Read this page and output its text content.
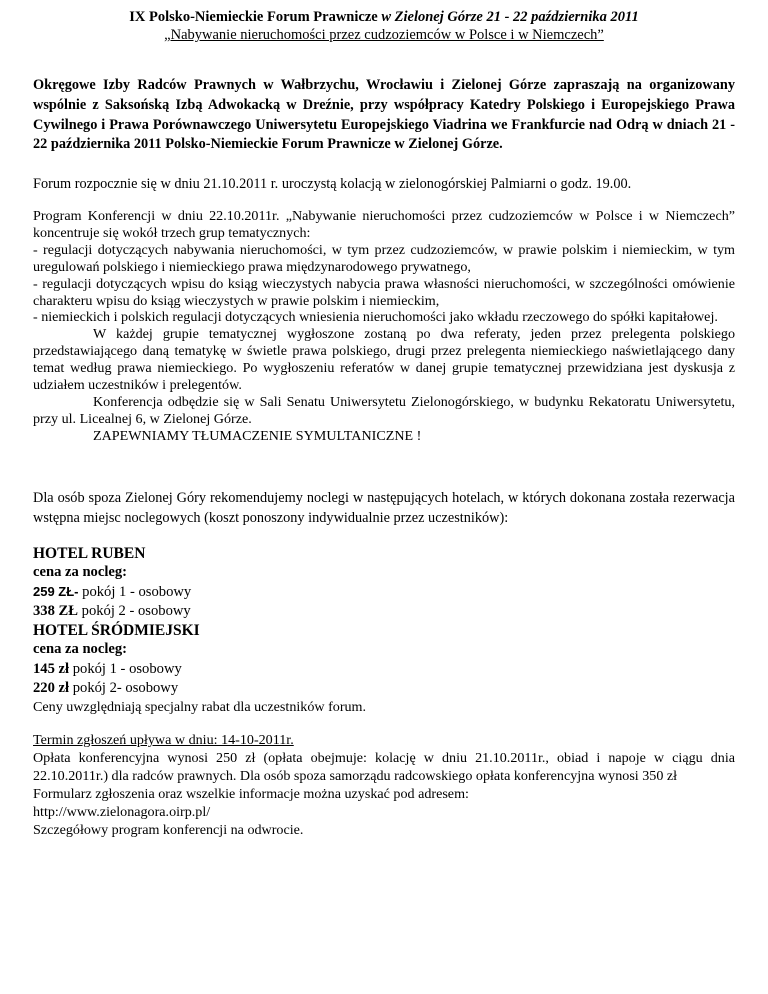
IX Polsko-Niemieckie Forum Prawnicze w Zielonej Górze 21 - 22 października 2011
„Nabywanie nieruchomości przez cudzoziemców w Polsce i w Niemczech”

Okręgowe Izby Radców Prawnych w Wałbrzychu, Wrocławiu i Zielonej Górze zapraszają na organizowany wspólnie z Saksońską Izbą Adwokacką w Dreźnie, przy współpracy Katedry Polskiego i Europejskiego Prawa Cywilnego i Prawa Porównawczego Uniwersytetu Europejskiego Viadrina we Frankfurcie nad Odrą w dniach 21 - 22 października 2011 Polsko-Niemieckie Forum Prawnicze w Zielonej Górze.

Forum rozpocznie się w dniu 21.10.2011 r. uroczystą kolacją w zielonogórskiej Palmiarni o godz. 19.00.

Program Konferencji w dniu 22.10.2011r. „Nabywanie nieruchomości przez cudzoziemców w Polsce i w Niemczech” koncentruje się wokół trzech grup tematycznych:

- regulacji dotyczących nabywania nieruchomości, w tym przez cudzoziemców, w prawie polskim i niemieckim, w tym uregulowań polskiego i niemieckiego prawa międzynarodowego prywatnego,

- regulacji dotyczących wpisu do ksiąg wieczystych nabycia prawa własności nieruchomości, w szczególności omówienie charakteru wpisu do ksiąg wieczystych w prawie polskim i niemieckim,

- niemieckich i polskich regulacji dotyczących wniesienia nieruchomości jako wkładu rzeczowego do spółki kapitałowej.

W każdej grupie tematycznej wygłoszone zostaną po dwa referaty, jeden przez prelegenta polskiego przedstawiającego daną tematykę w świetle prawa polskiego, drugi przez prelegenta niemieckiego naświetlającego dany temat według prawa niemieckiego. Po wygłoszeniu referatów w danej grupie tematycznej przewidziana jest dyskusja z udziałem uczestników i prelegentów.

Konferencja odbędzie się w Sali Senatu Uniwersytetu Zielonogórskiego, w budynku Rekatoratu Uniwersytetu, przy ul. Licealnej 6, w Zielonej Górze.

ZAPEWNIAMY TŁUMACZENIE SYMULTANICZNE !

Dla osób spoza Zielonej Góry rekomendujemy noclegi w następujących hotelach, w których dokonana została rezerwacja wstępna miejsc noclegowych (koszt ponoszony indywidualnie przez uczestników):

HOTEL RUBEN
cena za nocleg:
259 ZŁ- pokój 1 - osobowy
338 ZŁ pokój 2 - osobowy
HOTEL ŚRÓDMIEJSKI
cena za nocleg:
145 zł pokój 1 - osobowy
220 zł pokój 2- osobowy
Ceny uwzględniają specjalny rabat dla uczestników forum.

Termin zgłoszeń upływa w dniu: 14-10-2011r.

Opłata konferencyjna wynosi 250 zł (opłata obejmuje: kolację w dniu 21.10.2011r., obiad i napoje w ciągu dnia 22.10.2011r.) dla radców prawnych. Dla osób spoza samorządu radcowskiego opłata konferencyjna wynosi 350 zł

Formularz zgłoszenia oraz wszelkie informacje można uzyskać pod adresem:

http://www.zielonagora.oirp.pl/

Szczegółowy program konferencji na odwrocie.
